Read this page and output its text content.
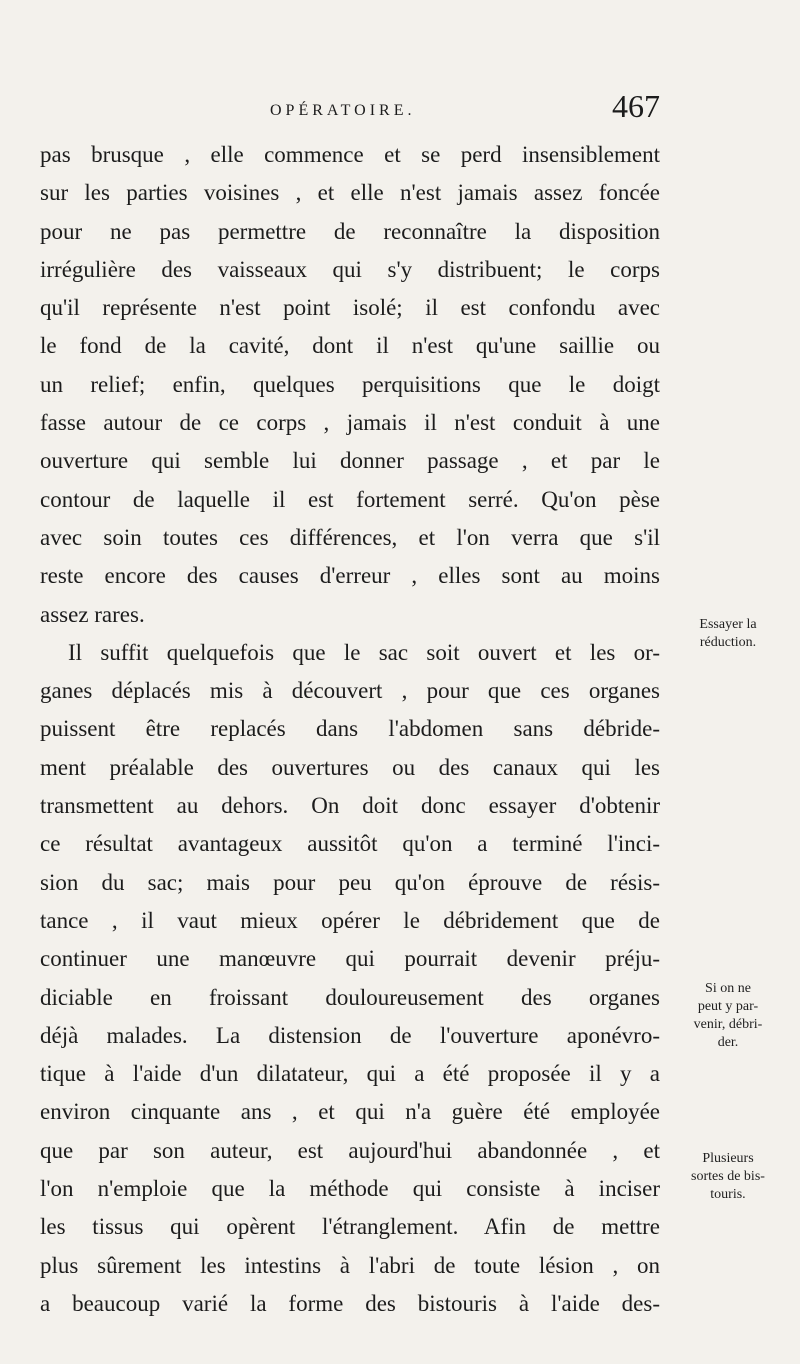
OPÉRATOIRE.	467
pas brusque , elle commence et se perd insensiblement
sur les parties voisines , et elle n'est jamais assez foncée
pour ne pas permettre de reconnaître la disposition
irrégulière des vaisseaux qui s'y distribuent; le corps
qu'il représente n'est point isolé; il est confondu avec
le fond de la cavité, dont il n'est qu'une saillie ou
un relief; enfin, quelques perquisitions que le doigt
fasse autour de ce corps , jamais il n'est conduit à une
ouverture qui semble lui donner passage , et par le
contour de laquelle il est fortement serré. Qu'on pèse
avec soin toutes ces différences, et l'on verra que s'il
reste encore des causes d'erreur , elles sont au moins
assez rares.
Il suffit quelquefois que le sac soit ouvert et les or-
ganes déplacés mis à découvert , pour que ces organes
puissent être replacés dans l'abdomen sans débride-
ment préalable des ouvertures ou des canaux qui les
transmettent au dehors. On doit donc essayer d'obtenir
ce résultat avantageux aussitôt qu'on a terminé l'inci-
sion du sac; mais pour peu qu'on éprouve de résis-
tance , il vaut mieux opérer le débridement que de
continuer une manœuvre qui pourrait devenir préju-
diciable en froissant douloureusement des organes
déjà malades. La distension de l'ouverture aponévro-
tique à l'aide d'un dilatateur, qui a été proposée il y a
environ cinquante ans , et qui n'a guère été employée
que par son auteur, est aujourd'hui abandonnée , et
l'on n'emploie que la méthode qui consiste à inciser
les tissus qui opèrent l'étranglement. Afin de mettre
plus sûrement les intestins à l'abri de toute lésion , on
a beaucoup varié la forme des bistouris à l'aide des-
Essayer la
réduction.
Si on ne
peut y par-
venir, débri-
der.
Plusieurs
sortes de bis-
touris.
